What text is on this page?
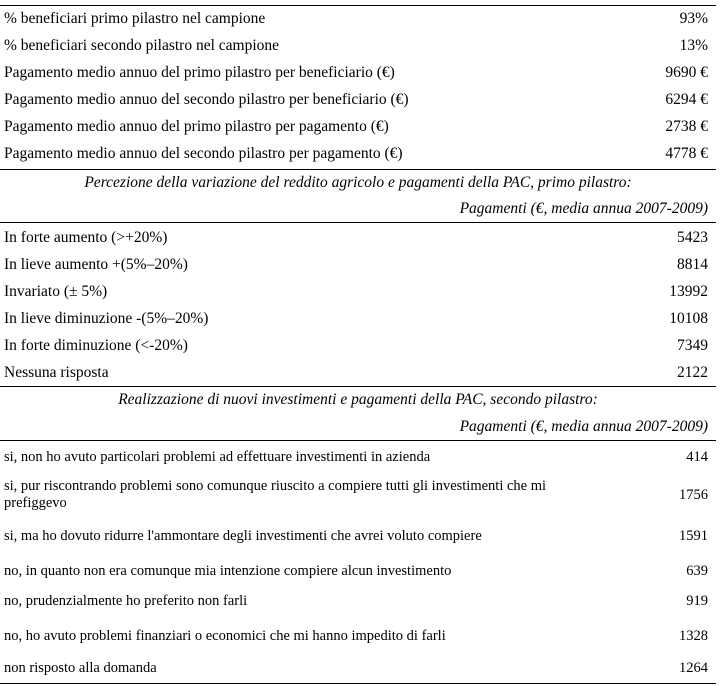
% beneficiari primo pilastro nel campione	93%
% beneficiari secondo pilastro nel campione	13%
Pagamento medio annuo del primo pilastro per beneficiario (€)	9690 €
Pagamento medio annuo del secondo pilastro per beneficiario (€)	6294 €
Pagamento medio annuo del primo pilastro per pagamento (€)	2738 €
Pagamento medio annuo del secondo pilastro per pagamento (€)	4778 €
Percezione della variazione del reddito agricolo e pagamenti della PAC, primo pilastro:
Pagamenti (€, media annua 2007-2009)
In forte aumento (>+20%)	5423
In lieve aumento +(5%–20%)	8814
Invariato (± 5%)	13992
In lieve diminuzione -(5%–20%)	10108
In forte diminuzione (<-20%)	7349
Nessuna risposta	2122
Realizzazione di nuovi investimenti e pagamenti della PAC, secondo pilastro:
Pagamenti (€, media annua 2007-2009)
si, non ho avuto particolari problemi ad effettuare investimenti in azienda	414
si, pur riscontrando problemi sono comunque riuscito a compiere tutti gli investimenti che mi prefiggevo	1756
si, ma ho dovuto ridurre l'ammontare degli investimenti che avrei voluto compiere	1591
no, in quanto non era comunque mia intenzione compiere alcun investimento	639
no, prudenzialmente ho preferito non farli	919
no, ho avuto problemi finanziari o economici che mi hanno impedito di farli	1328
non risposto alla domanda	1264
